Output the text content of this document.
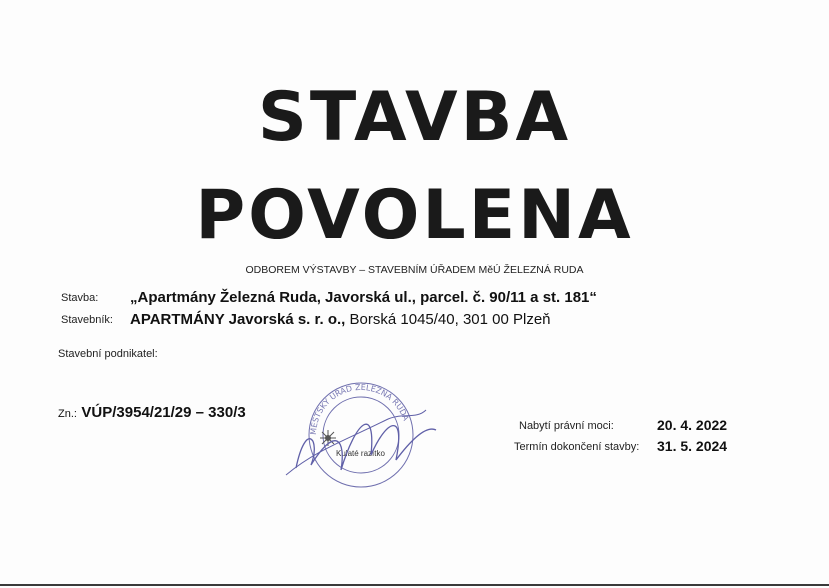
STAVBA
POVOLENA
ODBOREM VÝSTAVBY – STAVEBNÍM ÚŘADEM MěÚ ŽELEZNÁ RUDA
Stavba: „Apartmány Železná Ruda, Javorská ul., parcel. č. 90/11 a st. 181“
Stavebník: APARTMÁNY Javorská s. r. o., Borská 1045/40, 301 00 Plzeň
Stavební podnikatel:
Zn.: VÚP/3954/21/29 – 330/3
MĚSTSKÝ ÚŘAD ŽELEZNÁ RUDA
Kulaté razítko
Nabytí právní moci:	20. 4. 2022
Termín dokončení stavby: 31. 5. 2024
